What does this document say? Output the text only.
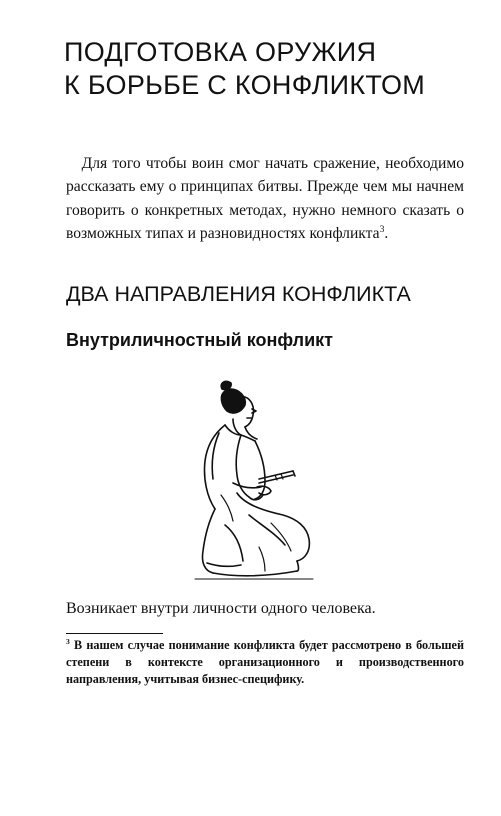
ПОДГОТОВКА ОРУЖИЯ
К БОРЬБЕ С КОНФЛИКТОМ

 Для того чтобы воин смог начать сражение, необходимо рассказать ему о принципах битвы. Прежде чем мы начнем говорить о конкретных методах, нужно немного сказать о возможных типах и разновидностях конфликта$^3$.

ДВА НАПРАВЛЕНИЯ КОНФЛИКТА
Внутриличностный конфликт
Возникает внутри личности одного человека.

$^3$ В нашем случае понимание конфликта будет рассмотрено в большей степени в контексте организационного и производственного направления, учитывая бизнес-специфику.
